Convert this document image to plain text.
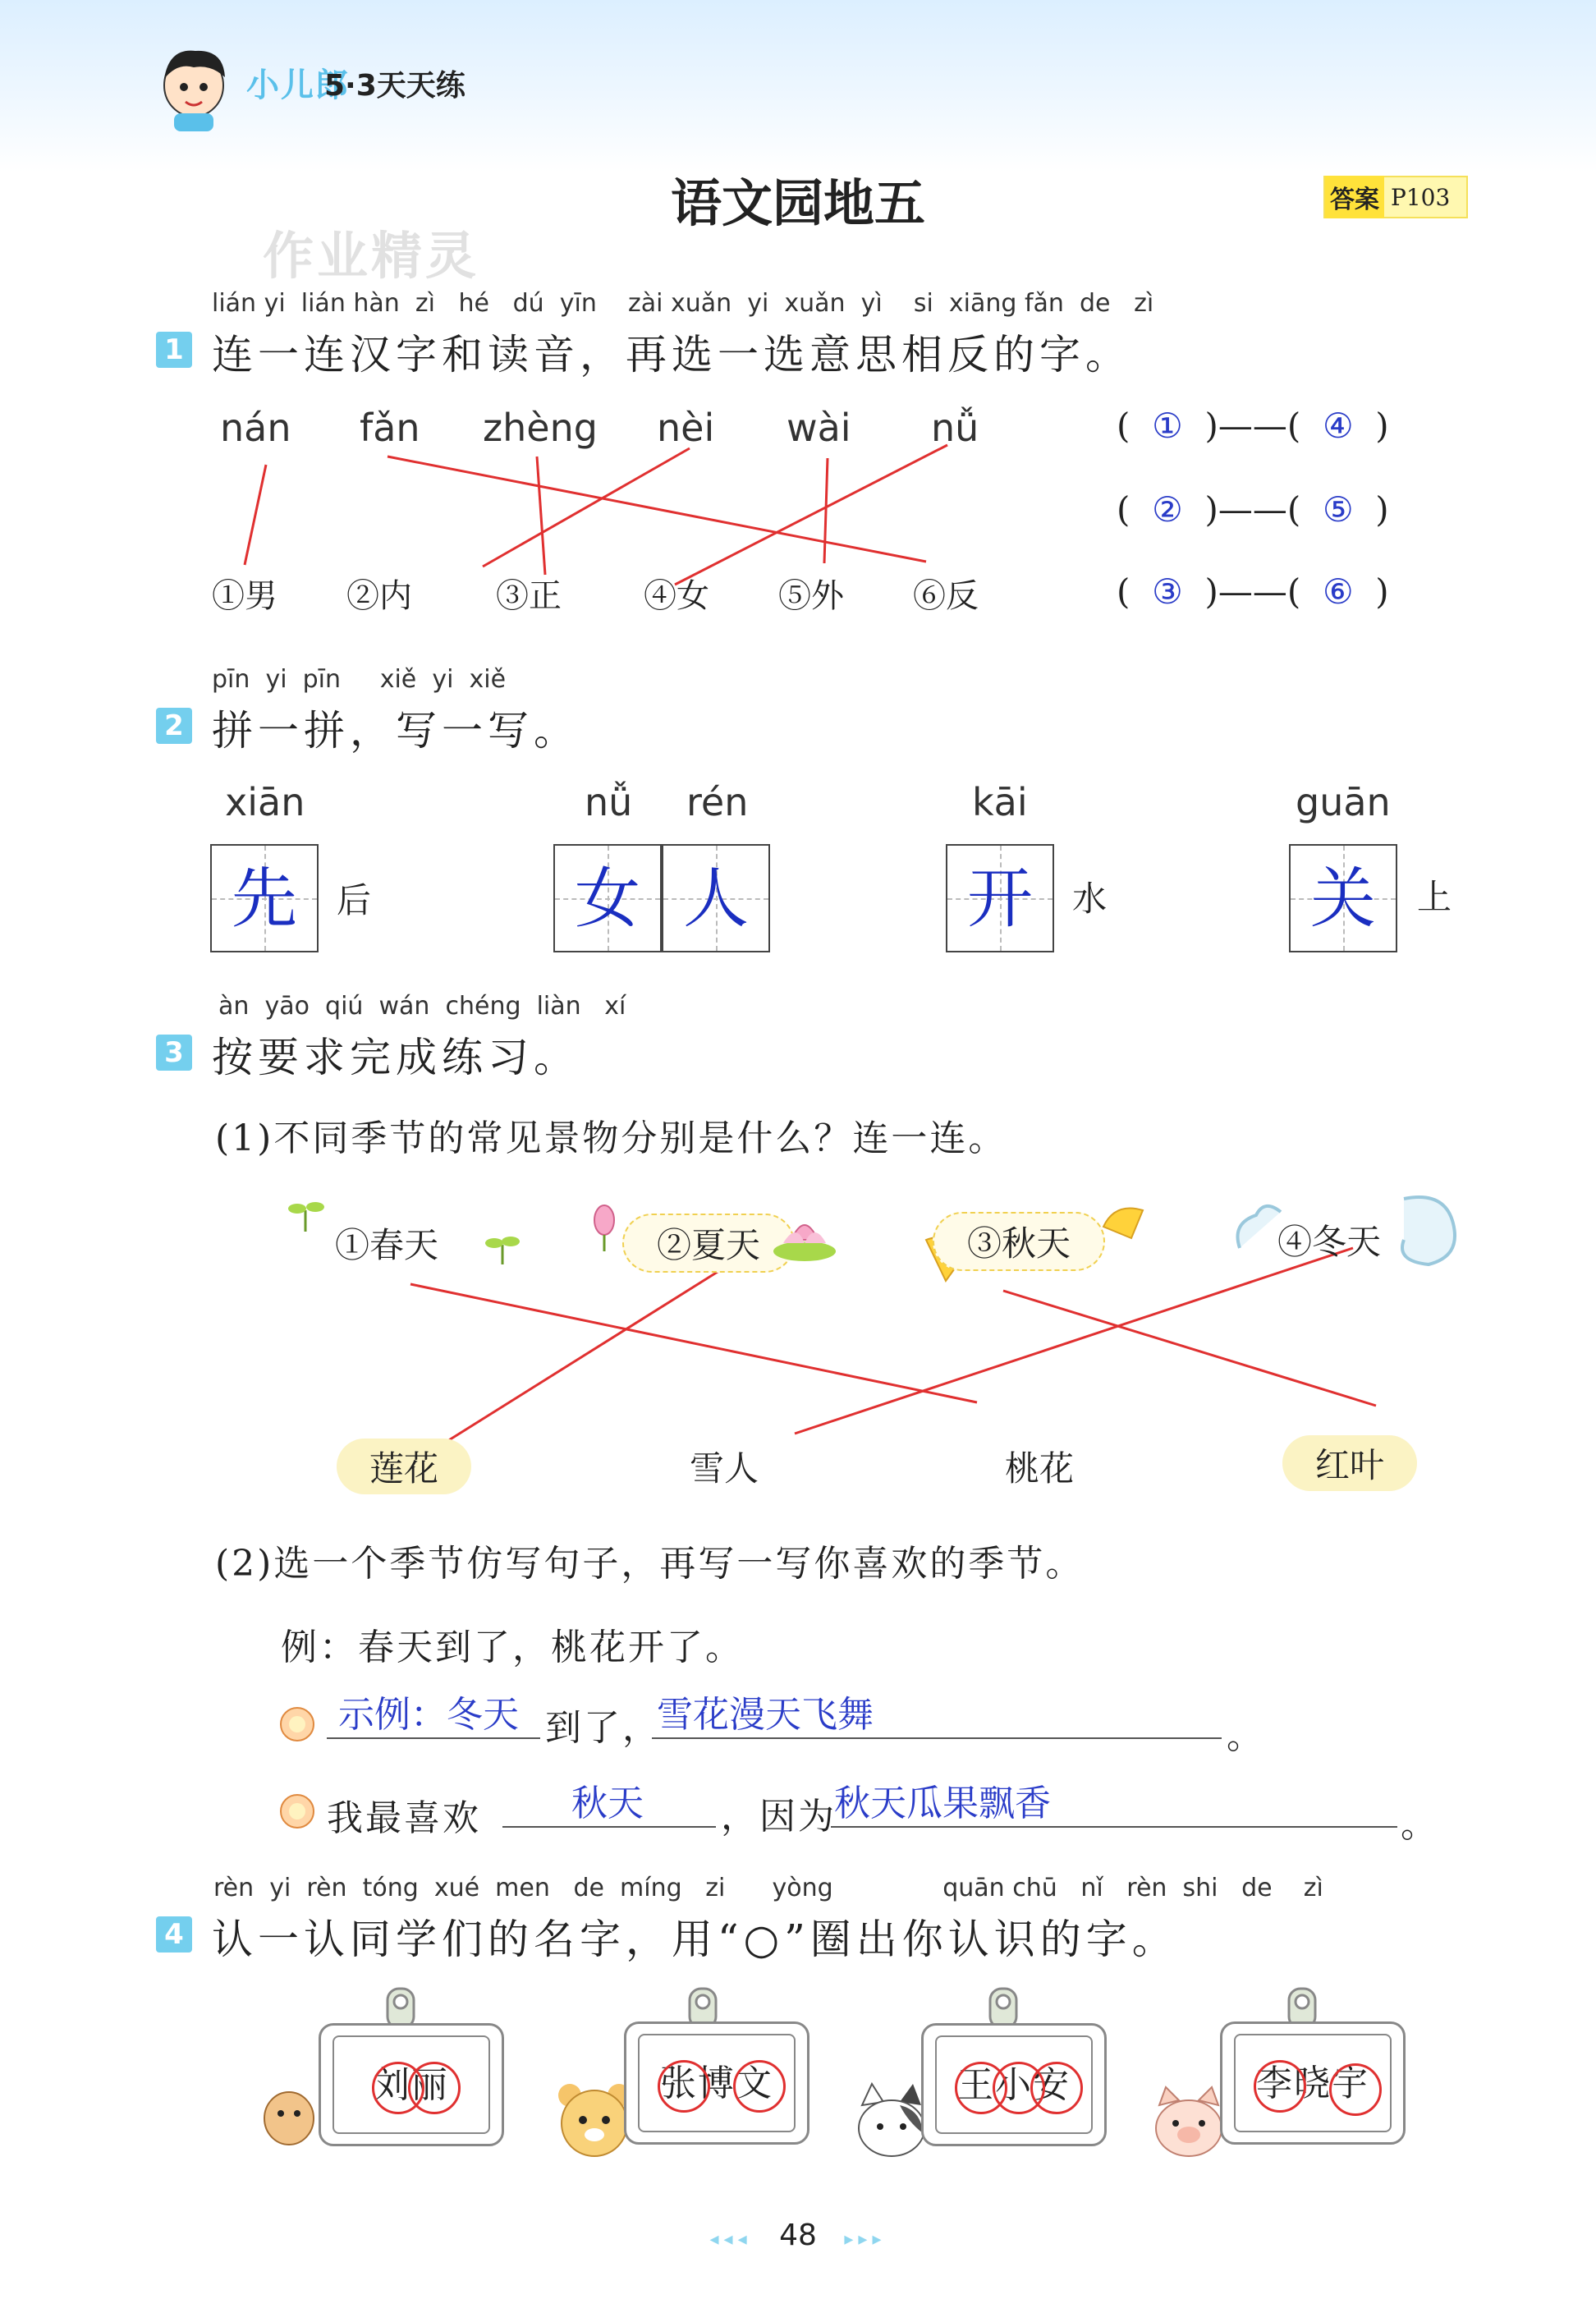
小儿郎
5·3天天练
语文园地五	答案 P103
作业精灵
lián yi  lián hàn  zì   hé   dú  yīn    zài xuǎn  yi  xuǎn  yì    si  xiāng fǎn  de   zì
1 连一连汉字和读音，再选一选意思相反的字。
nán fǎn zhèng nèi wài nǚ
①男 ②内	③正	④女 ⑤外 ⑥反
(  ①  )——(  ④  )
(  ②  )——(  ⑤  )
(  ③  )——(  ⑥  )
pīn  yi  pīn     xiě  yi  xiě
2 拼一拼，写一写。
xiān
先	后
nǚ rén
女 人
kāi
开	水
guān
关	上
àn  yāo  qiú  wán  chéng  liàn   xí
3 按要求完成练习。
(1)不同季节的常见景物分别是什么？连一连。
①春天	②夏天	③秋天	④冬天
莲花	雪人	桃花	红叶
(2)选一个季节仿写句子，再写一写你喜欢的季节。
例：春天到了，桃花开了。
示例：冬天 到了，
雪花漫天飞舞
。
我最喜欢	秋天	，因为
秋天瓜果飘香
。
rèn  yi  rèn  tóng  xué  men   de  míng   zi      yòng              quān chū   nǐ   rèn  shi   de    zì
4 认一认同学们的名字，用“○”圈出你认识的字。
刘丽	张博文	王小安	李晓宇
◂◂◂ 48 ▸▸▸
